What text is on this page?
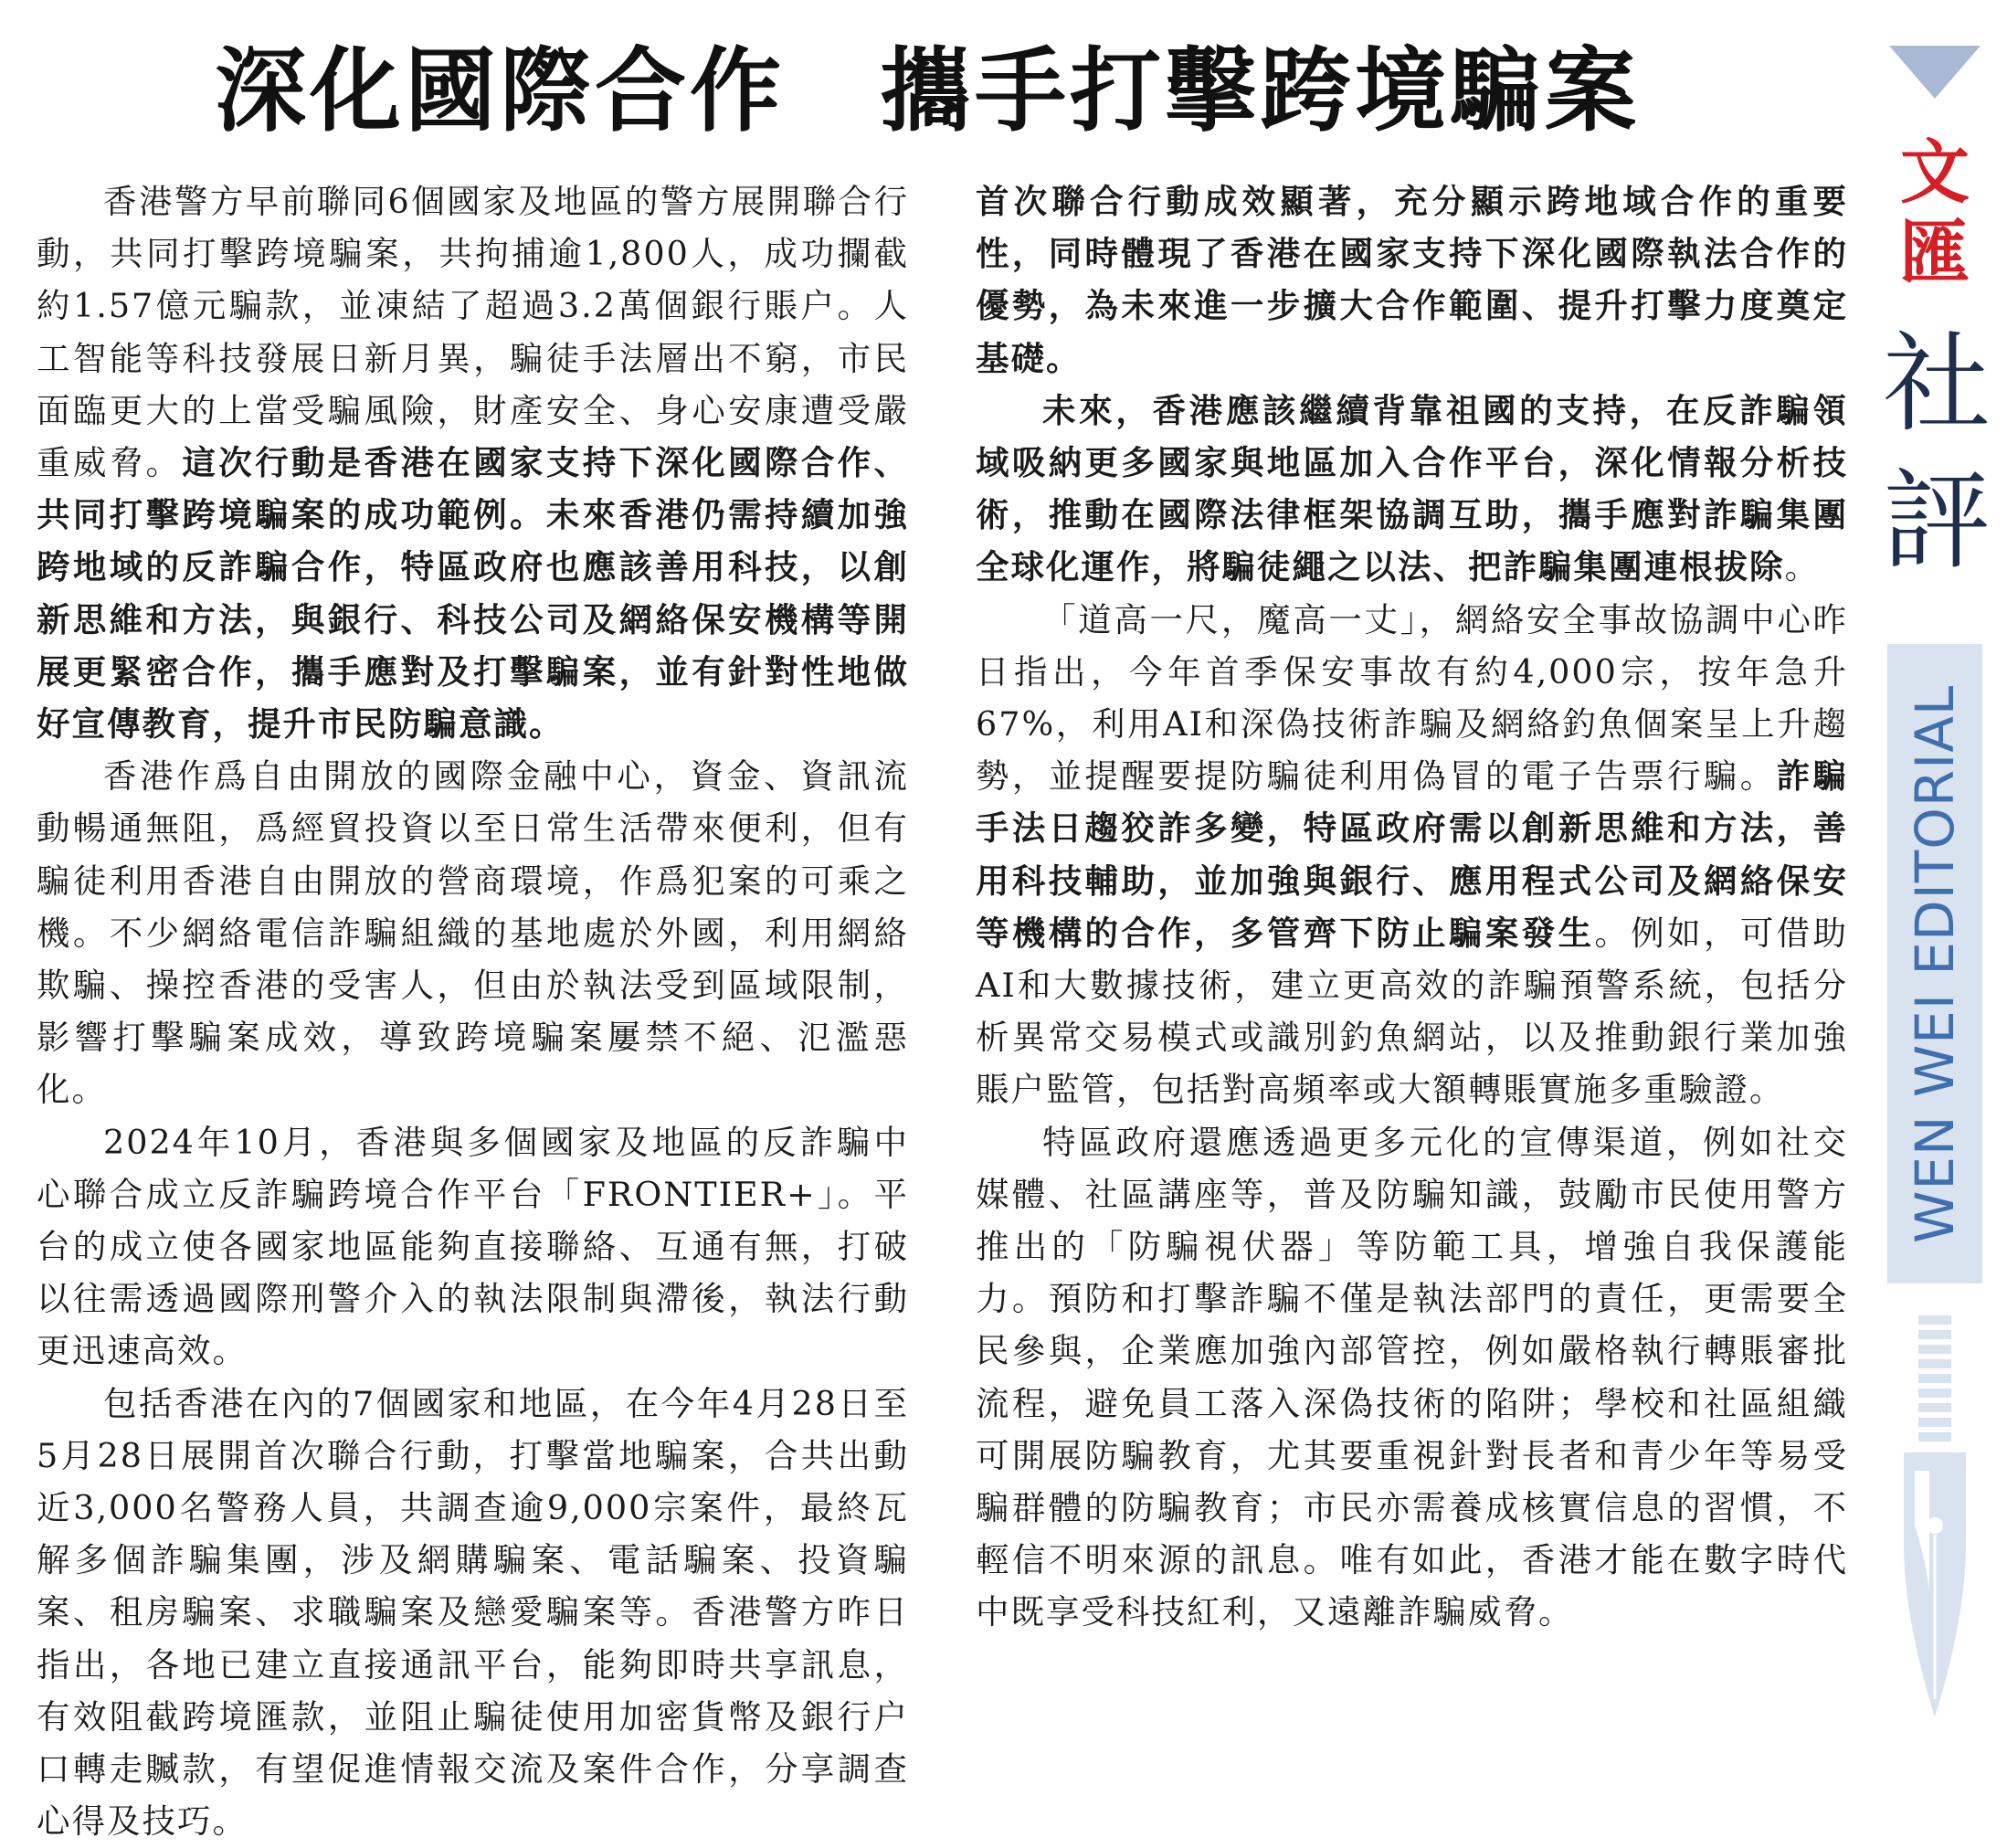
深化國際合作　攜手打擊跨境騙案

香港警方早前聯同6個國家及地區的警方展開聯合行動，共同打擊跨境騙案，共拘捕逾1,800人，成功攔截約1.57億元騙款，並凍結了超過3.2萬個銀行賬户。人工智能等科技發展日新月異，騙徒手法層出不窮，市民面臨更大的上當受騙風險，財產安全、身心安康遭受嚴重威脅。這次行動是香港在國家支持下深化國際合作、共同打擊跨境騙案的成功範例。未來香港仍需持續加強跨地域的反詐騙合作，特區政府也應該善用科技，以創新思維和方法，與銀行、科技公司及網絡保安機構等開展更緊密合作，攜手應對及打擊騙案，並有針對性地做好宣傳教育，提升市民防騙意識。

香港作爲自由開放的國際金融中心，資金、資訊流動暢通無阻，爲經貿投資以至日常生活帶來便利，但有騙徒利用香港自由開放的營商環境，作爲犯案的可乘之機。不少網絡電信詐騙組織的基地處於外國，利用網絡欺騙、操控香港的受害人，但由於執法受到區域限制，影響打擊騙案成效，導致跨境騙案屢禁不絕、氾濫惡化。

2024年10月，香港與多個國家及地區的反詐騙中心聯合成立反詐騙跨境合作平台「FRONTIER+」。平台的成立使各國家地區能夠直接聯絡、互通有無，打破以往需透過國際刑警介入的執法限制與滯後，執法行動更迅速高效。

包括香港在內的7個國家和地區，在今年4月28日至5月28日展開首次聯合行動，打擊當地騙案，合共出動近3,000名警務人員，共調查逾9,000宗案件，最終瓦解多個詐騙集團，涉及網購騙案、電話騙案、投資騙案、租房騙案、求職騙案及戀愛騙案等。香港警方昨日指出，各地已建立直接通訊平台，能夠即時共享訊息，有效阻截跨境匯款，並阻止騙徒使用加密貨幣及銀行户口轉走贓款，有望促進情報交流及案件合作，分享調查心得及技巧。

首次聯合行動成效顯著，充分顯示跨地域合作的重要性，同時體現了香港在國家支持下深化國際執法合作的優勢，為未來進一步擴大合作範圍、提升打擊力度奠定基礎。

未來，香港應該繼續背靠祖國的支持，在反詐騙領域吸納更多國家與地區加入合作平台，深化情報分析技術，推動在國際法律框架協調互助，攜手應對詐騙集團全球化運作，將騙徒繩之以法、把詐騙集團連根拔除。

「道高一尺，魔高一丈」，網絡安全事故協調中心昨日指出，今年首季保安事故有約4,000宗，按年急升67%，利用AI和深偽技術詐騙及網絡釣魚個案呈上升趨勢，並提醒要提防騙徒利用偽冒的電子告票行騙。詐騙手法日趨狡詐多變，特區政府需以創新思維和方法，善用科技輔助，並加強與銀行、應用程式公司及網絡保安等機構的合作，多管齊下防止騙案發生。例如，可借助AI和大數據技術，建立更高效的詐騙預警系統，包括分析異常交易模式或識別釣魚網站，以及推動銀行業加強賬户監管，包括對高頻率或大額轉賬實施多重驗證。

特區政府還應透過更多元化的宣傳渠道，例如社交媒體、社區講座等，普及防騙知識，鼓勵市民使用警方推出的「防騙視伏器」等防範工具，增強自我保護能力。預防和打擊詐騙不僅是執法部門的責任，更需要全民參與，企業應加強內部管控，例如嚴格執行轉賬審批流程，避免員工落入深偽技術的陷阱；學校和社區組織可開展防騙教育，尤其要重視針對長者和青少年等易受騙群體的防騙教育；市民亦需養成核實信息的習慣，不輕信不明來源的訊息。唯有如此，香港才能在數字時代中既享受科技紅利，又遠離詐騙威脅。

文匯
社評
WEN WEI EDITORIAL
